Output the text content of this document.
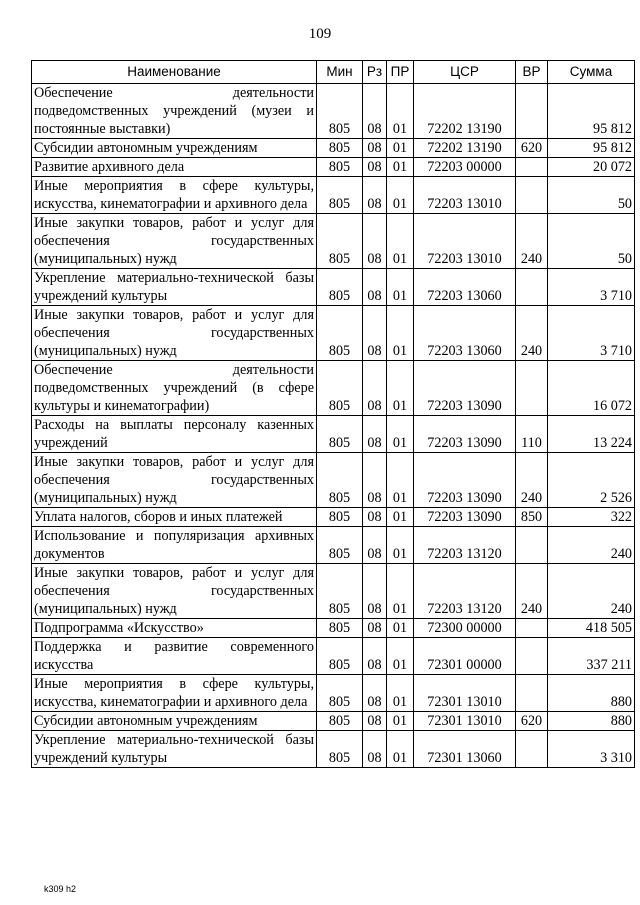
109
Наименование	Мин	Рз	ПР	ЦСР	ВР	Сумма
Обеспечение деятельности подведомственных учреждений (музеи и постоянные выставки)	805	08	01	72202 13190		95 812
Субсидии автономным учреждениям	805	08	01	72202 13190	620	95 812
Развитие архивного дела	805	08	01	72203 00000		20 072
Иные мероприятия в сфере культуры, искусства, кинематографии и архивного дела	805	08	01	72203 13010		50
Иные закупки товаров, работ и услуг для обеспечения государственных (муниципальных) нужд	805	08	01	72203 13010	240	50
Укрепление материально-технической базы учреждений культуры	805	08	01	72203 13060		3 710
Иные закупки товаров, работ и услуг для обеспечения государственных (муниципальных) нужд	805	08	01	72203 13060	240	3 710
Обеспечение деятельности подведомственных учреждений (в сфере культуры и кинематографии)	805	08	01	72203 13090		16 072
Расходы на выплаты персоналу казенных учреждений	805	08	01	72203 13090	110	13 224
Иные закупки товаров, работ и услуг для обеспечения государственных (муниципальных) нужд	805	08	01	72203 13090	240	2 526
Уплата налогов, сборов и иных платежей	805	08	01	72203 13090	850	322
Использование и популяризация архивных документов	805	08	01	72203 13120		240
Иные закупки товаров, работ и услуг для обеспечения государственных (муниципальных) нужд	805	08	01	72203 13120	240	240
Подпрограмма «Искусство»	805	08	01	72300 00000		418 505
Поддержка и развитие современного искусства	805	08	01	72301 00000		337 211
Иные мероприятия в сфере культуры, искусства, кинематографии и архивного дела	805	08	01	72301 13010		880
Субсидии автономным учреждениям	805	08	01	72301 13010	620	880
Укрепление материально-технической базы учреждений культуры	805	08	01	72301 13060		3 310
k309 h2
